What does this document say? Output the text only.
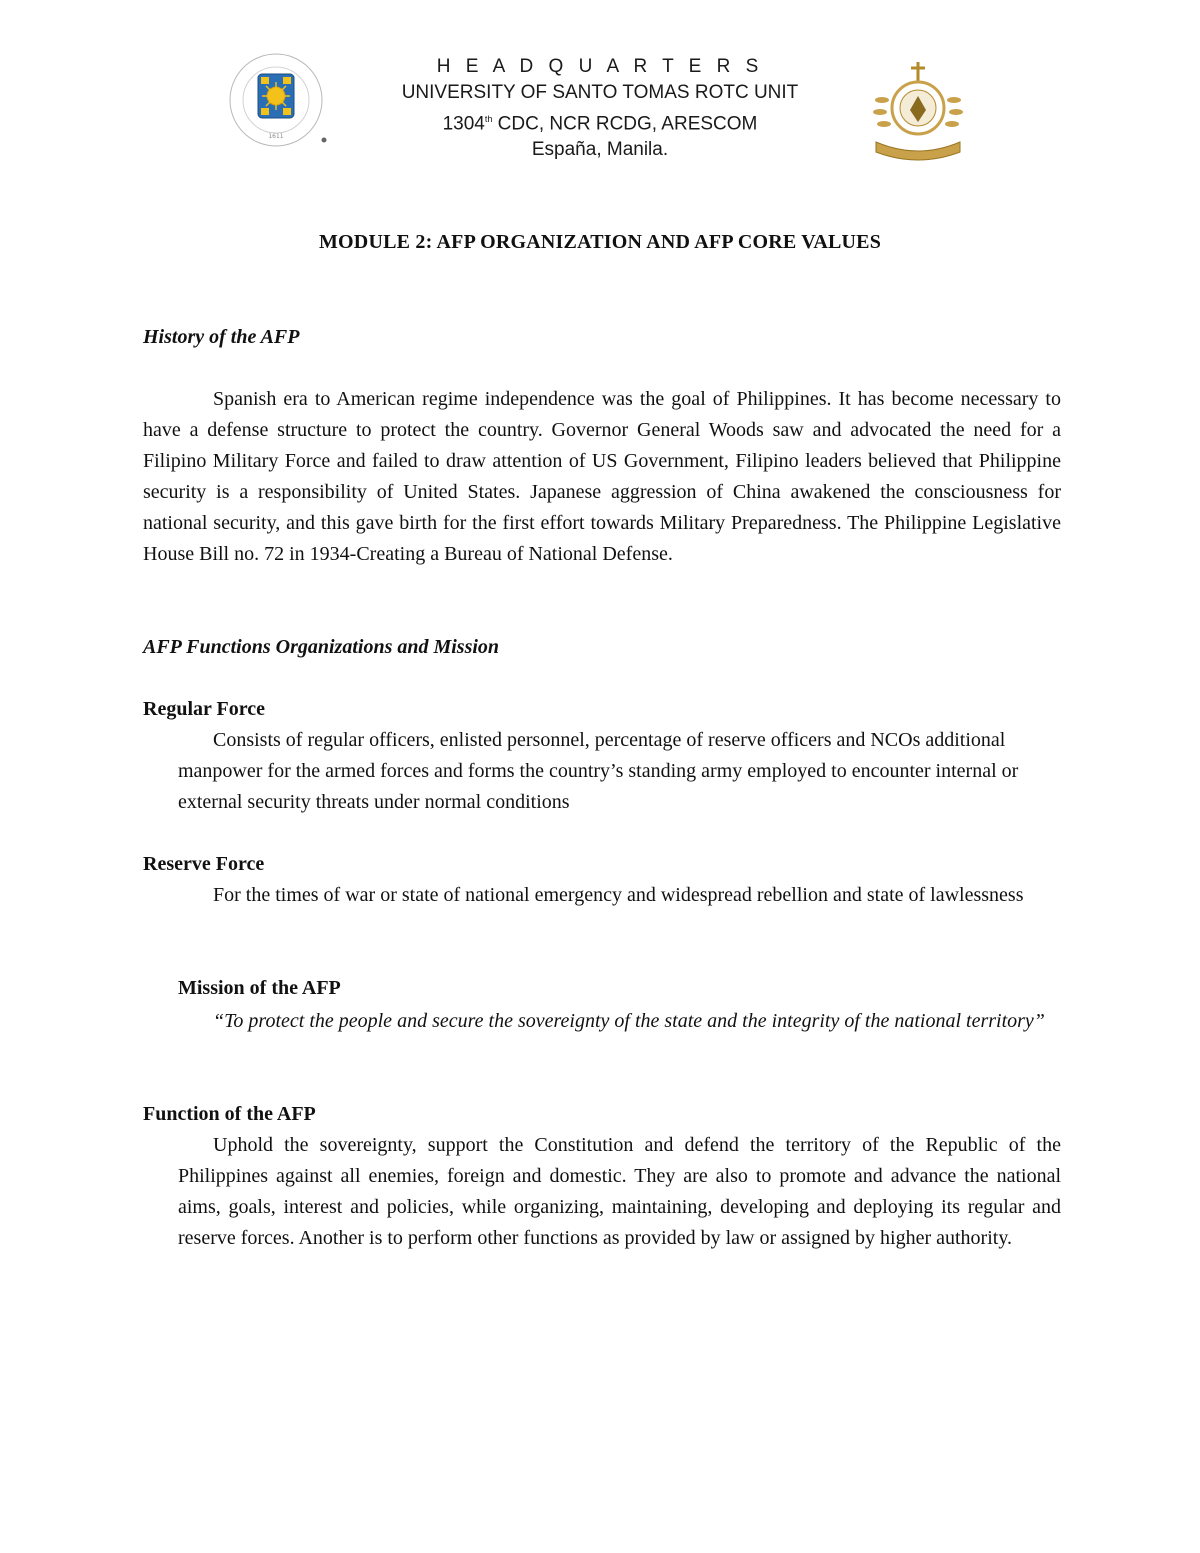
1611
H E A D Q U A R T E R S
UNIVERSITY OF SANTO TOMAS ROTC UNIT
1304th CDC, NCR RCDG, ARESCOM
España, Manila.
MODULE 2: AFP ORGANIZATION AND AFP CORE VALUES
History of the AFP
Spanish era to American regime independence was the goal of Philippines. It has become necessary to have a defense structure to protect the country. Governor General Woods saw and advocated the need for a Filipino Military Force and failed to draw attention of US Government, Filipino leaders believed that Philippine security is a responsibility of United States. Japanese aggression of China awakened the consciousness for national security, and this gave birth for the first effort towards Military Preparedness. The Philippine Legislative House Bill no. 72 in 1934-Creating a Bureau of National Defense.
AFP Functions Organizations and Mission
Regular Force
Consists of regular officers, enlisted personnel, percentage of reserve officers and NCOs additional manpower for the armed forces and forms the country’s standing army employed to encounter internal or external security threats under normal conditions
Reserve Force
For the times of war or state of national emergency and widespread rebellion and state of lawlessness
Mission of the AFP
“To protect the people and secure the sovereignty of the state and the integrity of the national territory”
Function of the AFP
Uphold the sovereignty, support the Constitution and defend the territory of the Republic of the Philippines against all enemies, foreign and domestic. They are also to promote and advance the national aims, goals, interest and policies, while organizing, maintaining, developing and deploying its regular and reserve forces. Another is to perform other functions as provided by law or assigned by higher authority.
